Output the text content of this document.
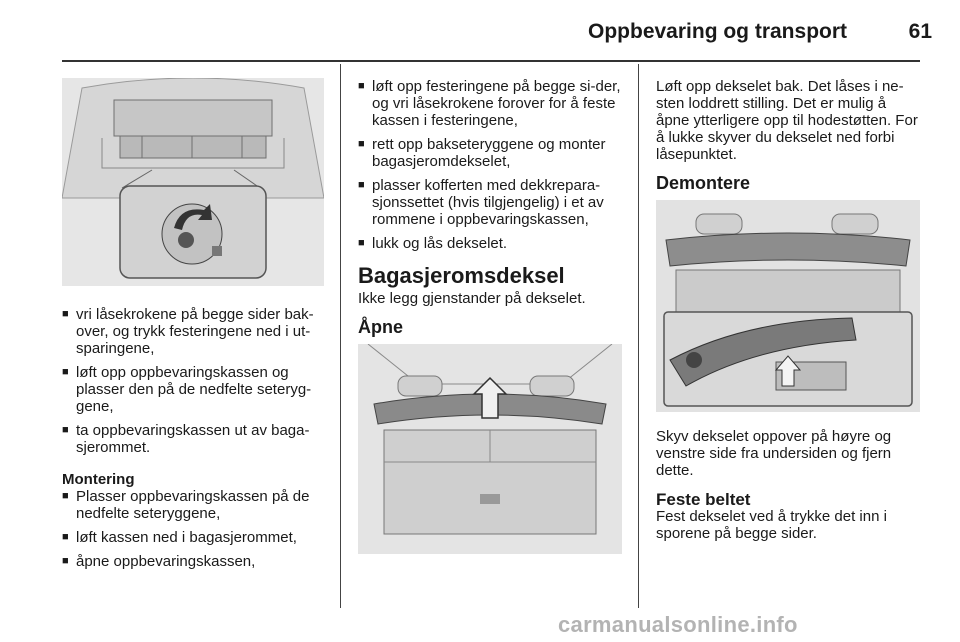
Oppbevaring og transport	61
■ vri låsekrokene på begge sider bak-over, og trykk festeringene ned i ut-sparingene,
■ løft opp oppbevaringskassen og plasser den på de nedfelte seteryg-gene,
■ ta oppbevaringskassen ut av baga-sjerommet.

Montering

■ Plasser oppbevaringskassen på de nedfelte seteryggene,
■ løft kassen ned i bagasjerommet,
■ åpne oppbevaringskassen,
■ løft opp festeringene på begge si-der, og vri låsekrokene forover for å feste kassen i festeringene,
■ rett opp bakseteryggene og monter bagasjeromdekselet,
■ plasser kofferten med dekkrepara-sjonssettet (hvis tilgjengelig) i et av rommene i oppbevaringskassen,
■ lukk og lås dekselet.

Bagasjeromsdeksel

Ikke legg gjenstander på dekselet.

Åpne

Løft opp dekselet bak. Det låses i ne-sten loddrett stilling. Det er mulig å åpne ytterligere opp til hodestøtten. For å lukke skyver du dekselet ned forbi låsepunktet.

Demontere

Skyv dekselet oppover på høyre og venstre side fra undersiden og fjern dette.

Feste beltet

Fest dekselet ved å trykke det inn i sporene på begge sider.

carmanualsonline.info
